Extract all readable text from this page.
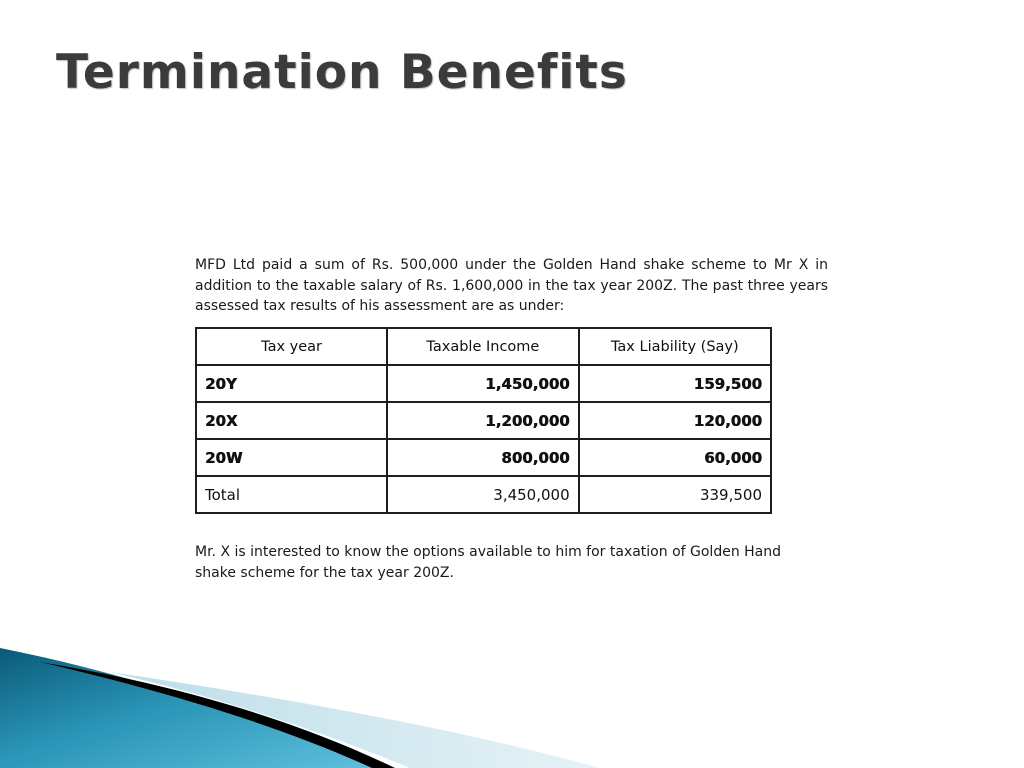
Termination Benefits

MFD Ltd paid a sum of Rs. 500,000 under the Golden Hand shake scheme to Mr X in addition to the taxable salary of Rs. 1,600,000 in the tax year 200Z. The past three years assessed tax results of his assessment are as under:

Tax year	Taxable Income	Tax Liability (Say)
20Y	1,450,000	159,500
20X	1,200,000	120,000
20W	800,000	60,000
Total	3,450,000	339,500

Mr. X is interested to know the options available to him for taxation of Golden Hand shake scheme for the tax year 200Z.
